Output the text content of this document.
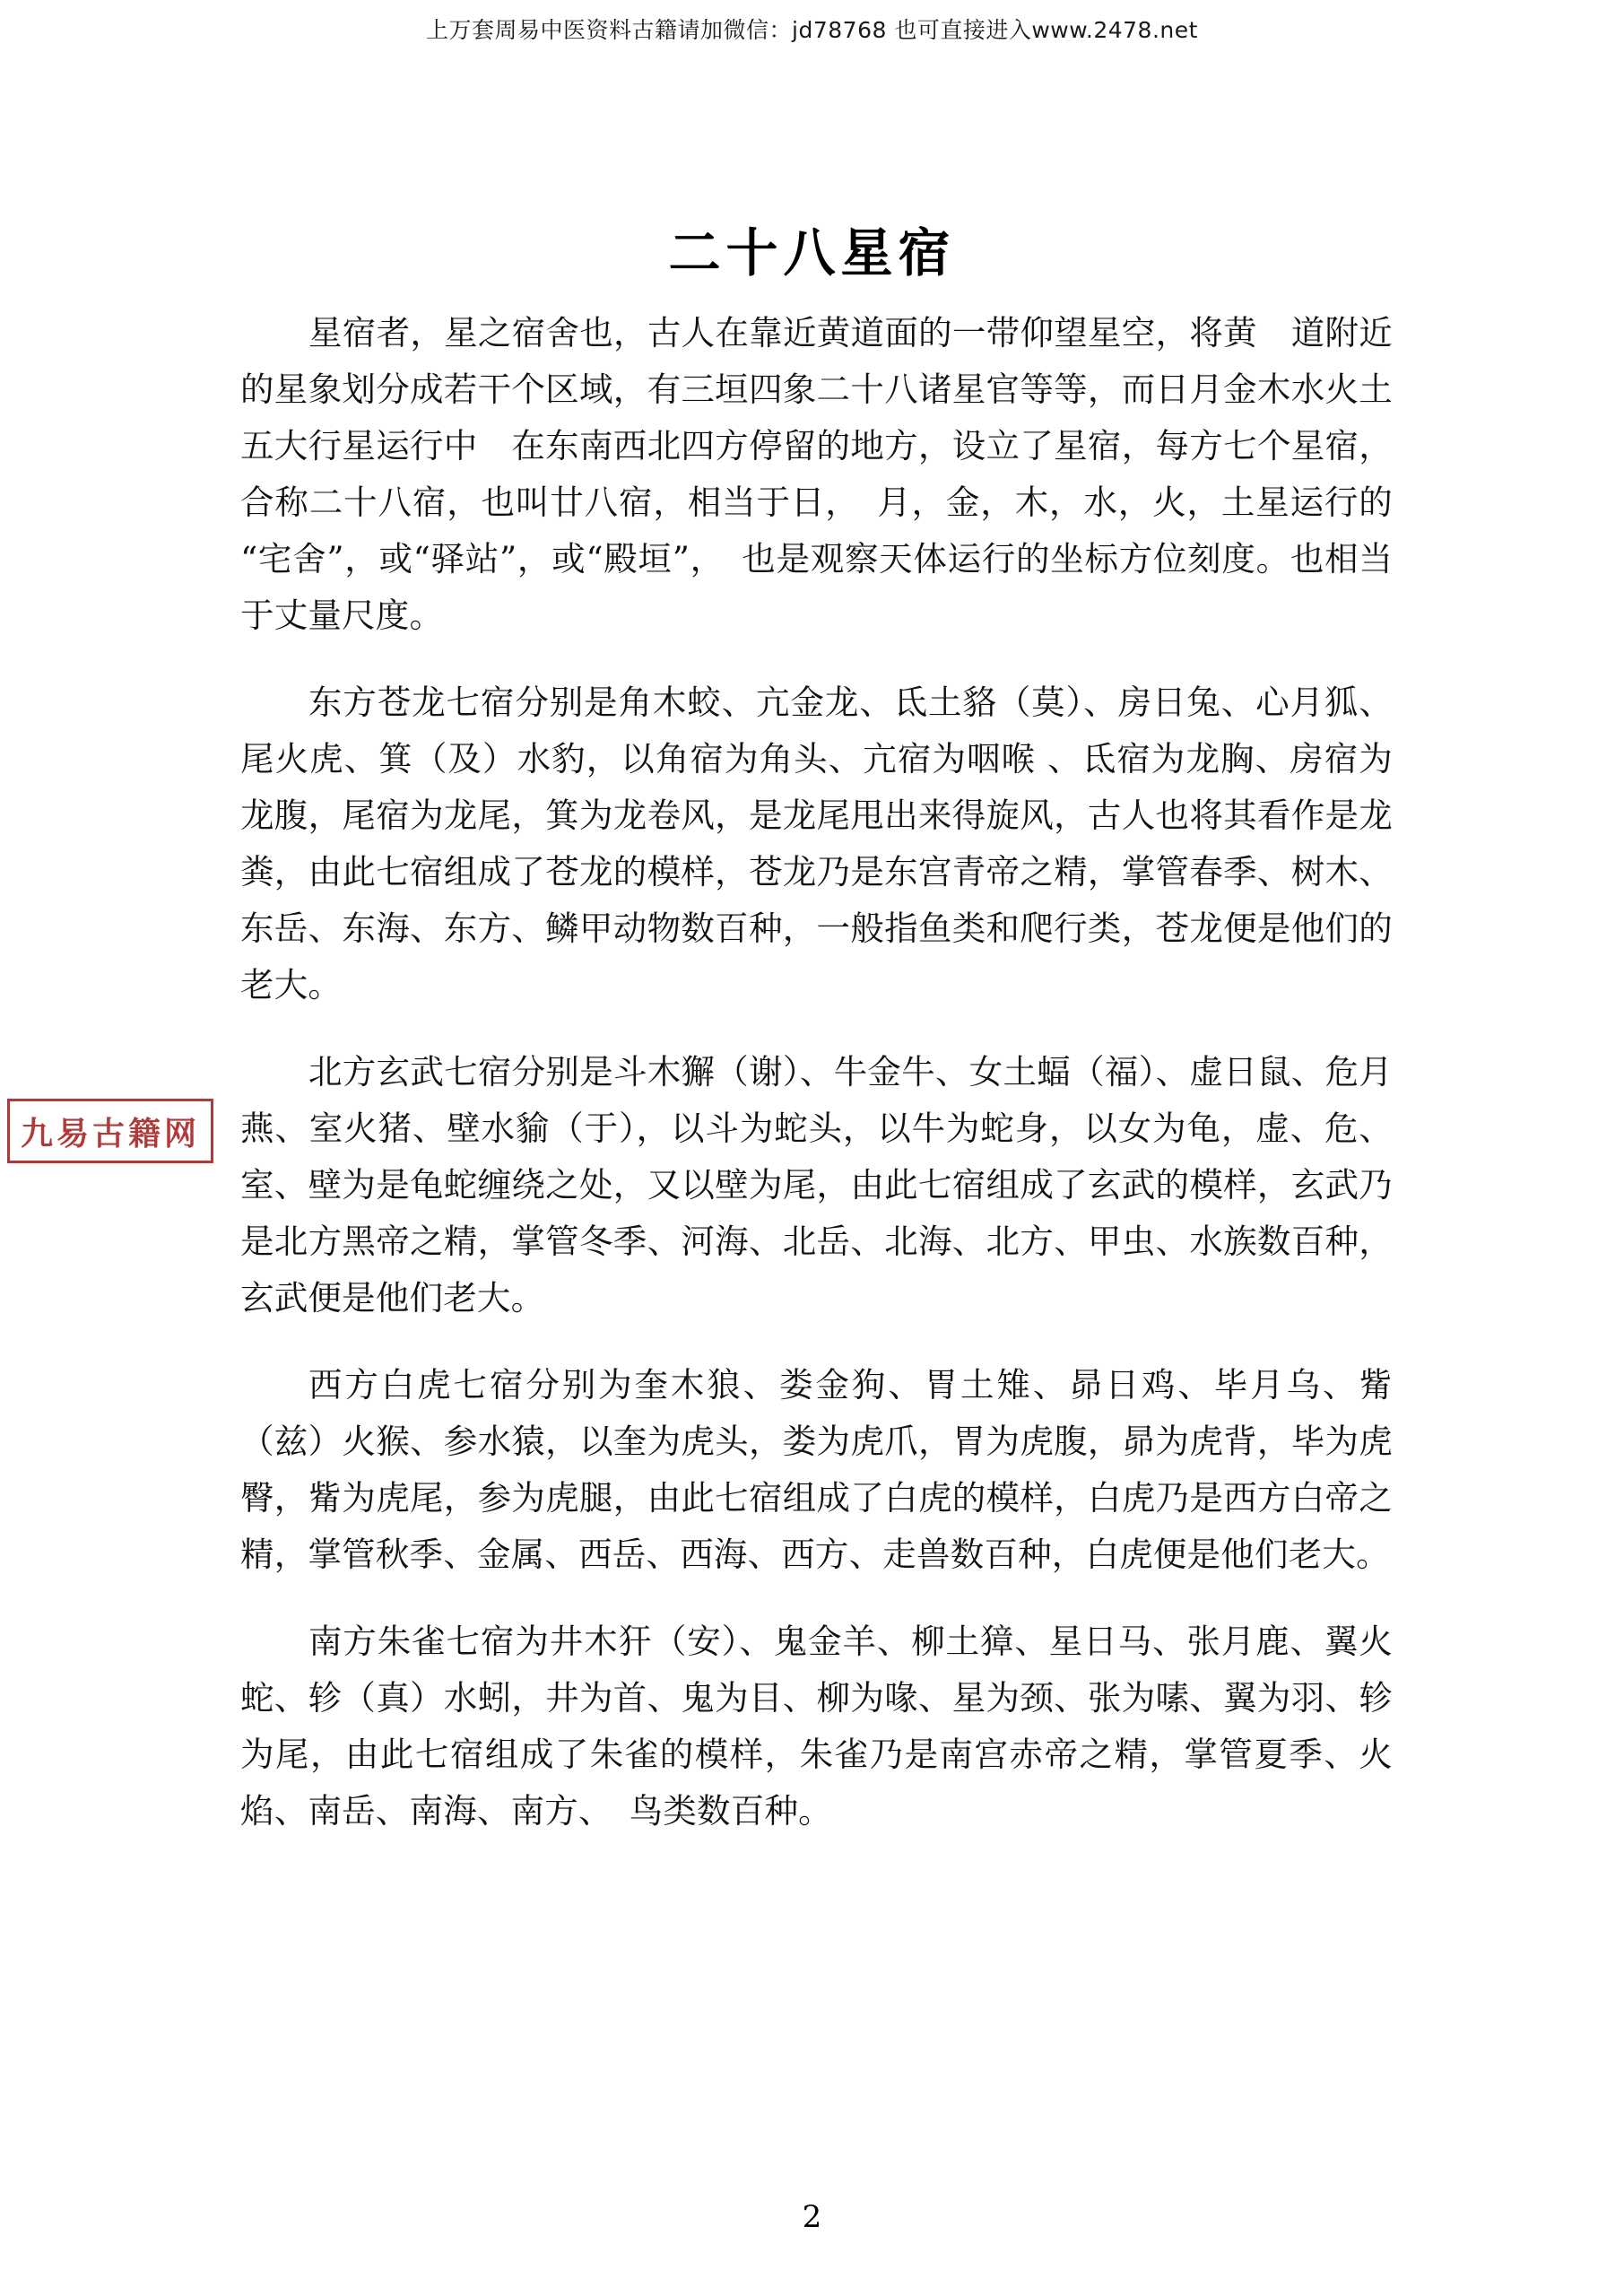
上万套周易中医资料古籍请加微信：jd78768 也可直接进入www.2478.net
二十八星宿

星宿者，星之宿舍也，古人在靠近黄道面的一带仰望星空，将黄　道附近的星象划分成若干个区域，有三垣四象二十八诸星官等等，而日月金木水火土五大行星运行中　在东南西北四方停留的地方，设立了星宿，每方七个星宿，合称二十八宿，也叫廿八宿，相当于日，　月，金，木，水，火，土星运行的“宅舍”，或“驿站”，或“殿垣”，　也是观察天体运行的坐标方位刻度。也相当于丈量尺度。

东方苍龙七宿分别是角木蛟、亢金龙、氐土貉（莫）、房日兔、心月狐、尾火虎、箕（及）水豹，以角宿为角头、亢宿为咽喉 、氐宿为龙胸、房宿为龙腹，尾宿为龙尾，箕为龙卷风，是龙尾甩出来得旋风，古人也将其看作是龙粪，由此七宿组成了苍龙的模样，苍龙乃是东宫青帝之精，掌管春季、树木、东岳、东海、东方、鳞甲动物数百种，一般指鱼类和爬行类，苍龙便是他们的老大。

北方玄武七宿分别是斗木獬（谢）、牛金牛、女土蝠（福）、虚日鼠、危月燕、室火猪、壁水貐（于），以斗为蛇头，以牛为蛇身，以女为龟，虚、危、室、壁为是龟蛇缠绕之处，又以壁为尾，由此七宿组成了玄武的模样，玄武乃是北方黑帝之精，掌管冬季、河海、北岳、北海、北方、甲虫、水族数百种，玄武便是他们老大。

西方白虎七宿分别为奎木狼、娄金狗、胃土雉、昴日鸡、毕月乌、觜（兹）火猴、参水猿，以奎为虎头，娄为虎爪，胃为虎腹，昴为虎背，毕为虎臀，觜为虎尾，参为虎腿，由此七宿组成了白虎的模样，白虎乃是西方白帝之精，掌管秋季、金属、西岳、西海、西方、走兽数百种，白虎便是他们老大。

南方朱雀七宿为井木犴（安）、鬼金羊、柳土獐、星日马、张月鹿、翼火蛇、轸（真）水蚓，井为首、鬼为目、柳为喙、星为颈、张为嗉、翼为羽、轸为尾，由此七宿组成了朱雀的模样，朱雀乃是南宫赤帝之精，掌管夏季、火焰、南岳、南海、南方、　鸟类数百种。

九易古籍网
2
